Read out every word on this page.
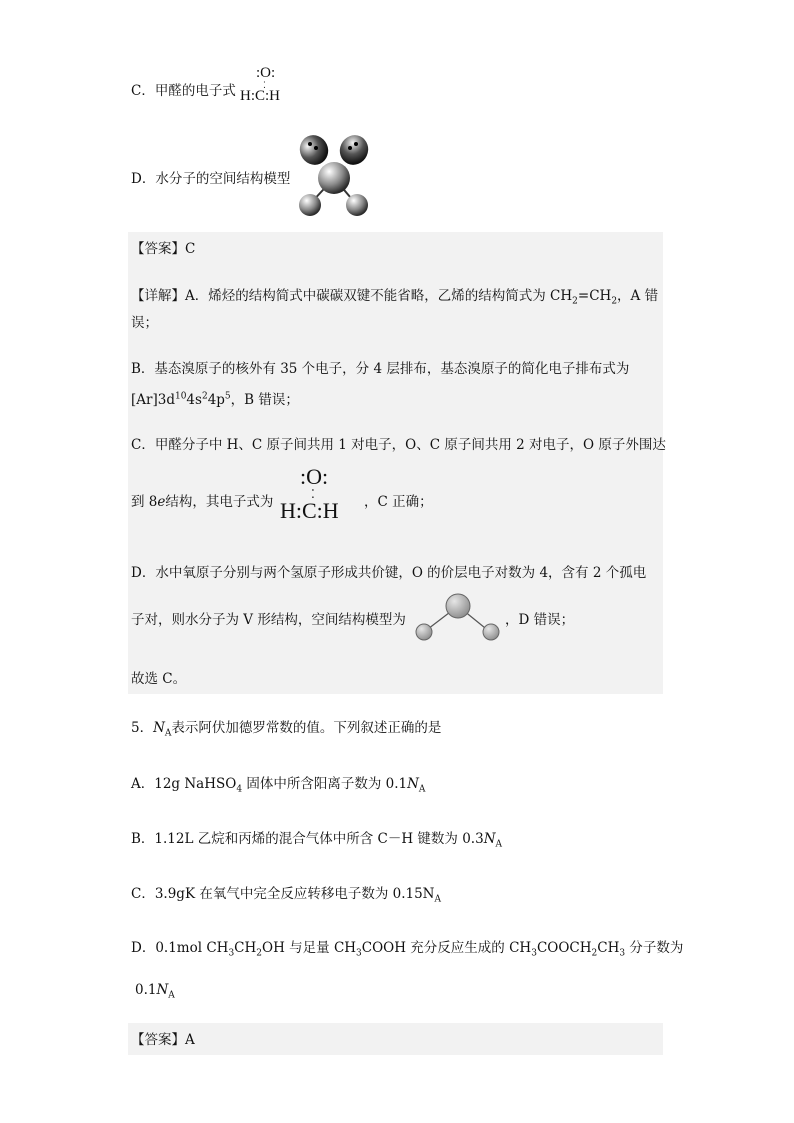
C．甲醛的电子式
:O:
⁚
H:C:H
D．水分子的空间结构模型
【答案】C
【详解】A．烯烃的结构简式中碳碳双键不能省略，乙烯的结构简式为 $CH_2=CH_2$，A 错
误；
B．基态溴原子的核外有 35 个电子，分 4 层排布，基态溴原子的简化电子排布式为
$[Ar]3d^{10}4s^24p^5$，B 错误；
C．甲醛分子中 H、C 原子间共用 1 对电子，O、C 原子间共用 2 对电子，O 原子外围达
到 8e结构，其电子式为
:O:
⁚
H:C:H ，C 正确；
D．水中氧原子分别与两个氢原子形成共价键，O 的价层电子对数为 4，含有 2 个孤电
子对，则水分子为 V 形结构，空间结构模型为	，D 错误；
故选 C。
5．$N_A$表示阿伏加德罗常数的值。下列叙述正确的是
A．12g NaHSO$_4$ 固体中所含阳离子数为 $0.1N_A$
B．1.12L 乙烷和丙烯的混合气体中所含 C－H 键数为 $0.3N_A$
C．3.9gK 在氧气中完全反应转移电子数为 $0.15N_A$
D．0.1mol $CH_3CH_2OH$ 与足量 $CH_3COOH$ 充分反应生成的 $CH_3COOCH_2CH_3$ 分子数为
$0.1N_A$
【答案】A
